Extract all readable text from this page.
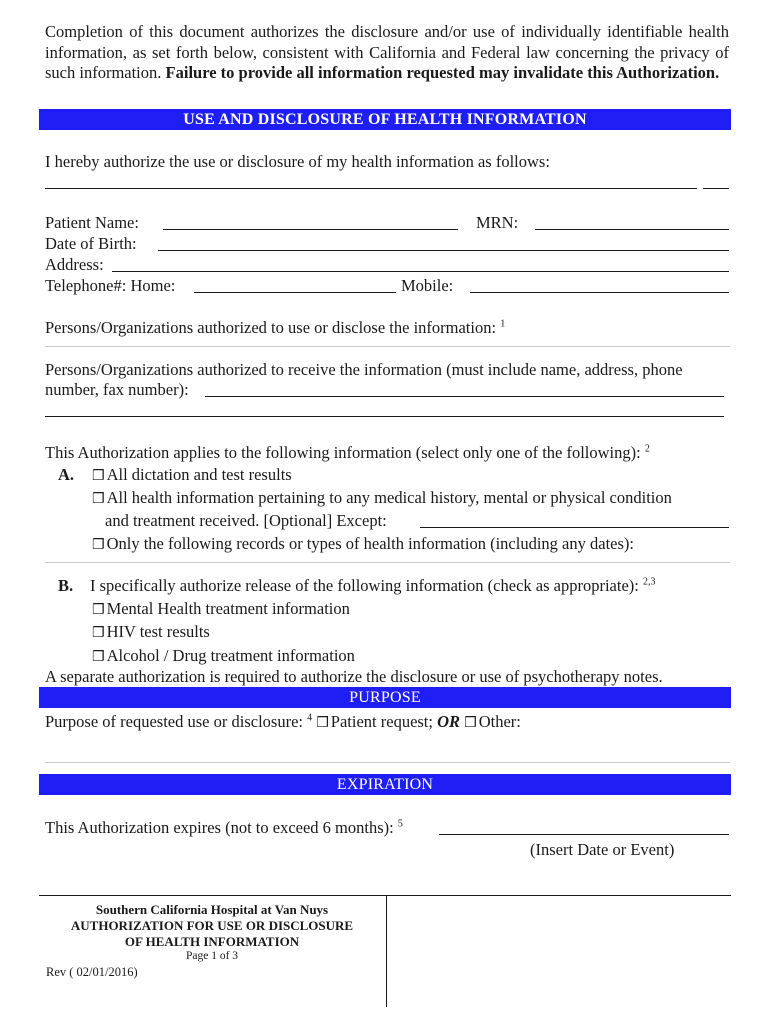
Completion of this document authorizes the disclosure and/or use of individually identifiable health information, as set forth below, consistent with California and Federal law concerning the privacy of such information. Failure to provide all information requested may invalidate this Authorization.
USE AND DISCLOSURE OF HEALTH INFORMATION
I hereby authorize the use or disclosure of my health information as follows:
Patient Name:	MRN:
Date of Birth:
Address:
Telephone#: Home:	Mobile:
Persons/Organizations authorized to use or disclose the information: $^1$
Persons/Organizations authorized to receive the information (must include name, address, phone
number, fax number):
This Authorization applies to the following information (select only one of the following): $^2$
A. ❒ All dictation and test results
❒ All health information pertaining to any medical history, mental or physical condition
and treatment received. [Optional] Except:
❒ Only the following records or types of health information (including any dates):
B. I specifically authorize release of the following information (check as appropriate): $^{2,3}$
❒ Mental Health treatment information
❒ HIV test results
❒ Alcohol / Drug treatment information
A separate authorization is required to authorize the disclosure or use of psychotherapy notes.
PURPOSE
Purpose of requested use or disclosure: $^4$ ❒ Patient request; OR ❒ Other:
EXPIRATION
This Authorization expires (not to exceed 6 months): $^5$
(Insert Date or Event)
Southern California Hospital at Van Nuys
AUTHORIZATION FOR USE OR DISCLOSURE
OF HEALTH INFORMATION
Page 1 of 3
Rev ( 02/01/2016)
